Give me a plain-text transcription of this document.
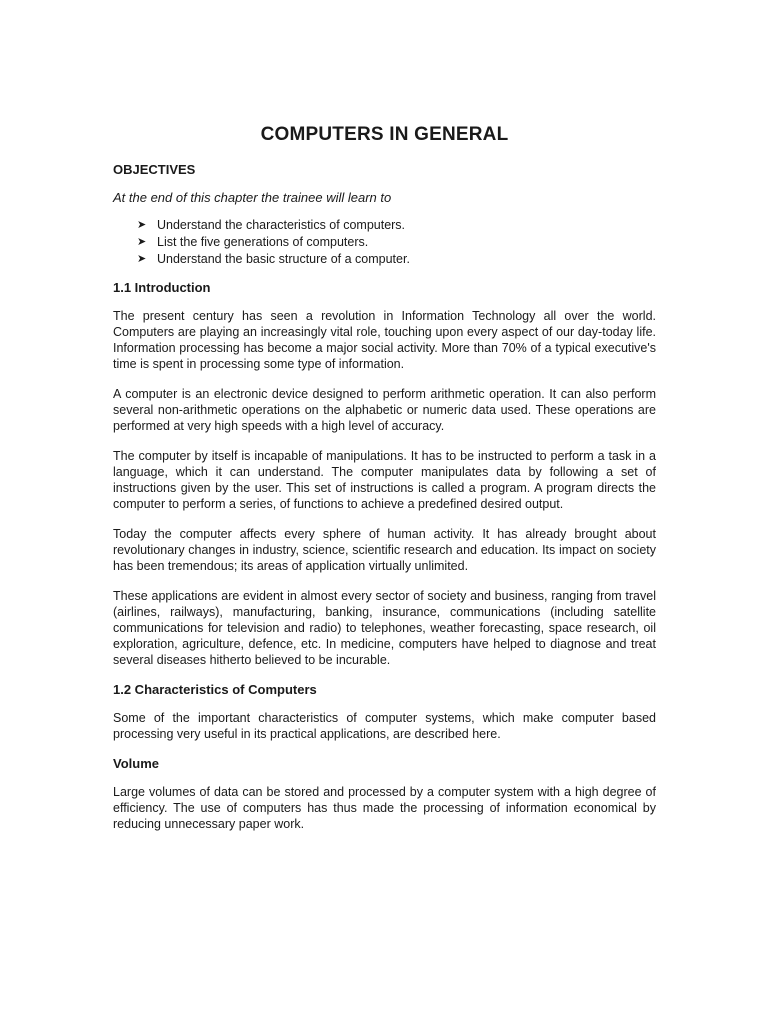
COMPUTERS IN GENERAL
OBJECTIVES
At the end of this chapter the trainee will learn to
➤ Understand the characteristics of computers.
➤ List the five generations of computers.
➤ Understand the basic structure of a computer.
1.1 Introduction

The present century has seen a revolution in Information Technology all over the world. Computers are playing an increasingly vital role, touching upon every aspect of our day-today life. Information processing has become a major social activity. More than 70% of a typical executive's time is spent in processing some type of information.

A computer is an electronic device designed to perform arithmetic operation. It can also perform several non-arithmetic operations on the alphabetic or numeric data used. These operations are performed at very high speeds with a high level of accuracy.

The computer by itself is incapable of manipulations. It has to be instructed to perform a task in a language, which it can understand. The computer manipulates data by following a set of instructions given by the user. This set of instructions is called a program. A program directs the computer to perform a series, of functions to achieve a predefined desired output.

Today the computer affects every sphere of human activity. It has already brought about revolutionary changes in industry, science, scientific research and education. Its impact on society has been tremendous; its areas of application virtually unlimited.

These applications are evident in almost every sector of society and business, ranging from travel (airlines, railways), manufacturing, banking, insurance, communications (including satellite communications for television and radio) to telephones, weather forecasting, space research, oil exploration, agriculture, defence, etc. In medicine, computers have helped to diagnose and treat several diseases hitherto believed to be incurable.

1.2 Characteristics of Computers

Some of the important characteristics of computer systems, which make computer based processing very useful in its practical applications, are described here.

Volume

Large volumes of data can be stored and processed by a computer system with a high degree of efficiency. The use of computers has thus made the processing of information economical by reducing unnecessary paper work.
